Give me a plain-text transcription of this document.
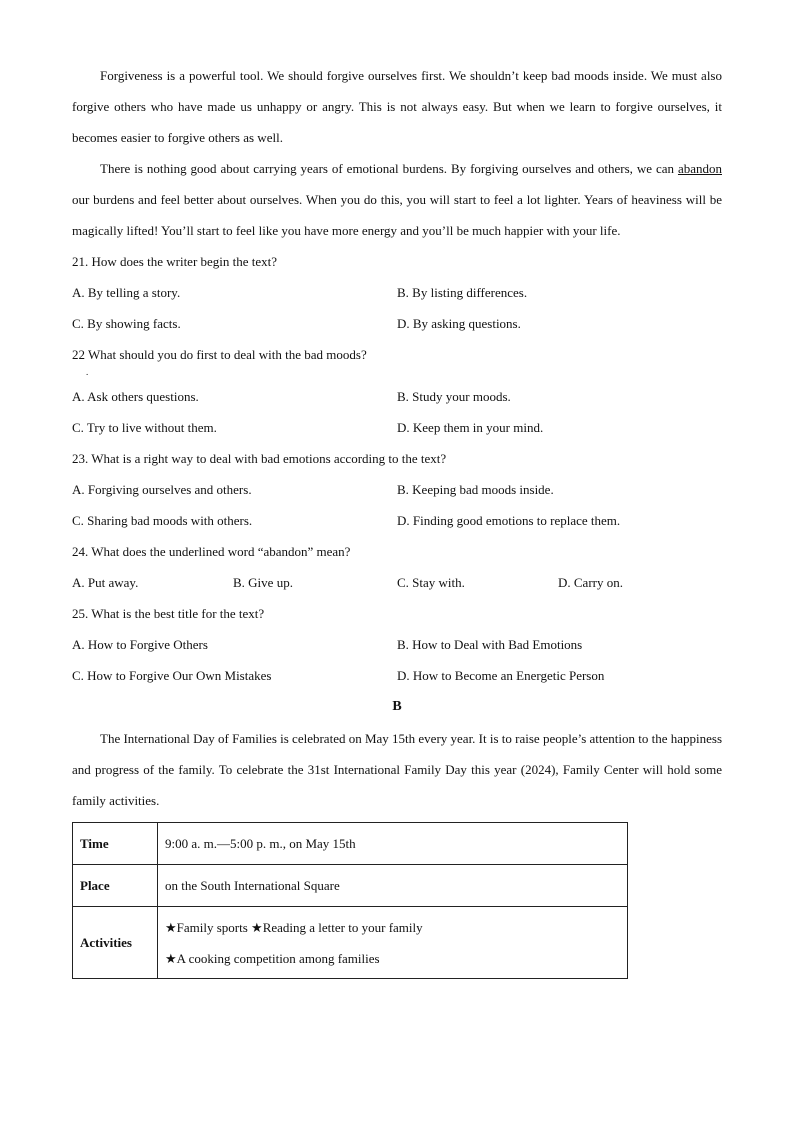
Forgiveness is a powerful tool. We should forgive ourselves first. We shouldn’t keep bad moods inside. We must also forgive others who have made us unhappy or angry. This is not always easy. But when we learn to forgive ourselves, it becomes easier to forgive others as well.

There is nothing good about carrying years of emotional burdens. By forgiving ourselves and others, we can abandon our burdens and feel better about ourselves. When you do this, you will start to feel a lot lighter. Years of heaviness will be magically lifted! You’ll start to feel like you have more energy and you’ll be much happier with your life.

21. How does the writer begin the text?
A. By telling a story.	B. By listing differences.
C. By showing facts.	D. By asking questions.
22
.
What should you do first to deal with the bad moods?
A. Ask others questions.	B. Study your moods.
C. Try to live without them.	D. Keep them in your mind.
23. What is a right way to deal with bad emotions according to the text?
A. Forgiving ourselves and others.	B. Keeping bad moods inside.
C. Sharing bad moods with others.	D. Finding good emotions to replace them.
24. What does the underlined word “abandon” mean?
A. Put away.	B. Give up.	C. Stay with.	D. Carry on.
25. What is the best title for the text?
A. How to Forgive Others	B. How to Deal with Bad Emotions
C. How to Forgive Our Own Mistakes	D. How to Become an Energetic Person
B

The International Day of Families is celebrated on May 15th every year. It is to raise people’s attention to the happiness and progress of the family. To celebrate the 31st International Family Day this year (2024), Family Center will hold some family activities.

Time	9:00 a. m.—5:00 p. m., on May 15th
Place	on the South International Square
Activities	★Family sports ★Reading a letter to your family
★A cooking competition among families
